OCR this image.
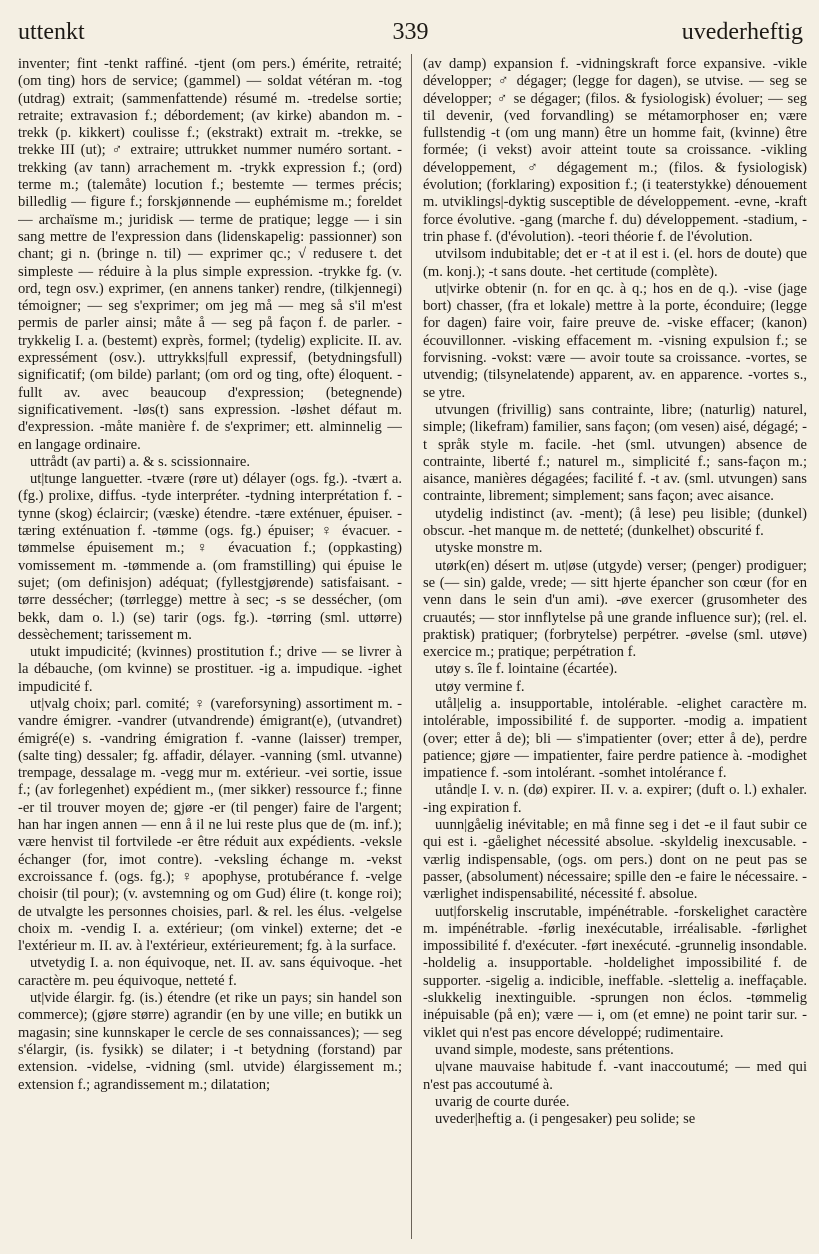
uttenkt	339	uvederheftig

inventer; fint -tenkt raffiné. -tjent (om pers.) émérite, retraité; (om ting) hors de service; (gammel) — soldat vétéran m. -tog (utdrag) extrait; (sammenfattende) résumé m. -tredelse sortie; retraite; extravasion f.; débordement; (av kirke) abandon m. -trekk (p. kikkert) coulisse f.; (ekstrakt) extrait m. -trekke, se trekke III (ut); ♂ extraire; uttrukket nummer numéro sortant. -trekking (av tann) arrachement m. -trykk expression f.; (ord) terme m.; (talemåte) locution f.; bestemte — termes précis; billedlig — figure f.; forskjønnende — euphémisme m.; foreldet — archaïsme m.; juridisk — terme de pratique; legge — i sin sang mettre de l'expression dans (lidenskapelig: passionner) son chant; gi n. (bringe n. til) — exprimer qc.; √ redusere t. det simpleste — réduire à la plus simple expression. -trykke fg. (v. ord, tegn osv.) exprimer, (en annens tanker) rendre, (tilkjennegi) témoigner; — seg s'exprimer; om jeg må — meg så s'il m'est permis de parler ainsi; måte å — seg på façon f. de parler. -trykkelig I. a. (bestemt) exprès, formel; (tydelig) explicite. II. av. expressément (osv.). uttrykks|full expressif, (betydningsfull) significatif; (om bilde) parlant; (om ord og ting, ofte) éloquent. -fullt av. avec beaucoup d'expression; (betegnende) significativement. -løs(t) sans expression. -løshet défaut m. d'expression. -måte manière f. de s'exprimer; ett. alminnelig — en langage ordinaire.

uttrådt (av parti) a. & s. scissionnaire.

ut|tunge languetter. -tvære (røre ut) délayer (ogs. fg.). -tvært a. (fg.) prolixe, diffus. -tyde interpréter. -tydning interprétation f. -tynne (skog) éclaircir; (væske) étendre. -tære exténuer, épuiser. -tæring exténuation f. -tømme (ogs. fg.) épuiser; ♀ évacuer. -tømmelse épuisement m.; ♀ évacuation f.; (oppkasting) vomissement m. -tømmende a. (om framstilling) qui épuise le sujet; (om definisjon) adéquat; (fyllestgjørende) satisfaisant. -tørre dessécher; (tørrlegge) mettre à sec; -s se dessécher, (om bekk, dam o. l.) (se) tarir (ogs. fg.). -tørring (sml. uttørre) dessèchement; tarissement m.

utukt impudicité; (kvinnes) prostitution f.; drive — se livrer à la débauche, (om kvinne) se prostituer. -ig a. impudique. -ighet impudicité f.

ut|valg choix; parl. comité; ♀ (vareforsyning) assortiment m. -vandre émigrer. -vandrer (utvandrende) émigrant(e), (utvandret) émigré(e) s. -vandring émigration f. -vanne (laisser) tremper, (salte ting) dessaler; fg. affadir, délayer. -vanning (sml. utvanne) trempage, dessalage m. -vegg mur m. extérieur. -vei sortie, issue f.; (av forlegenhet) expédient m., (mer sikker) ressource f.; finne -er til trouver moyen de; gjøre -er (til penger) faire de l'argent; han har ingen annen — enn å il ne lui reste plus que de (m. inf.); være henvist til fortvilede -er être réduit aux expédients. -veksle échanger (for, imot contre). -veksling échange m. -vekst excroissance f. (ogs. fg.); ♀ apophyse, protubérance f. -velge choisir (til pour); (v. avstemning og om Gud) élire (t. konge roi); de utvalgte les personnes choisies, parl. & rel. les élus. -velgelse choix m. -vendig I. a. extérieur; (om vinkel) externe; det -e l'extérieur m. II. av. à l'extérieur, extérieurement; fg. à la surface.

utvetydig I. a. non équivoque, net. II. av. sans équivoque. -het caractère m. peu équivoque, netteté f.

ut|vide élargir. fg. (is.) étendre (et rike un pays; sin handel son commerce); (gjøre større) agrandir (en by une ville; en butikk un magasin; sine kunnskaper le cercle de ses connaissances); — seg s'élargir, (is. fysikk) se dilater; i -t betydning (forstand) par extension. -videlse, -vidning (sml. utvide) élargissement m.; extension f.; agrandissement m.; dilatation;

(av damp) expansion f. -vidningskraft force expansive. -vikle développer; ♂ dégager; (legge for dagen), se utvise. — seg se développer; ♂ se dégager; (filos. & fysiologisk) évoluer; — seg til devenir, (ved forvandling) se métamorphoser en; være fullstendig -t (om ung mann) être un homme fait, (kvinne) être formée; (i vekst) avoir atteint toute sa croissance. -vikling développement, ♂ dégagement m.; (filos. & fysiologisk) évolution; (forklaring) exposition f.; (i teaterstykke) dénouement m. utviklings|-dyktig susceptible de développement. -evne, -kraft force évolutive. -gang (marche f. du) développement. -stadium, -trin phase f. (d'évolution). -teori théorie f. de l'évolution.

utvilsom indubitable; det er -t at il est i. (el. hors de doute) que (m. konj.); -t sans doute. -het certitude (complète).

ut|virke obtenir (n. for en qc. à q.; hos en de q.). -vise (jage bort) chasser, (fra et lokale) mettre à la porte, éconduire; (legge for dagen) faire voir, faire preuve de. -viske effacer; (kanon) écouvillonner. -visking effacement m. -visning expulsion f.; se forvisning. -vokst: være — avoir toute sa croissance. -vortes, se utvendig; (tilsynelatende) apparent, av. en apparence. -vortes s., se ytre.

utvungen (frivillig) sans contrainte, libre; (naturlig) naturel, simple; (likefram) familier, sans façon; (om vesen) aisé, dégagé; -t språk style m. facile. -het (sml. utvungen) absence de contrainte, liberté f.; naturel m., simplicité f.; sans-façon m.; aisance, manières dégagées; facilité f. -t av. (sml. utvungen) sans contrainte, librement; simplement; sans façon; avec aisance.

utydelig indistinct (av. -ment); (å lese) peu lisible; (dunkel) obscur. -het manque m. de netteté; (dunkelhet) obscurité f.

utyske monstre m.

utørk(en) désert m. ut|øse (utgyde) verser; (penger) prodiguer; se (— sin) galde, vrede; — sitt hjerte épancher son cœur (for en venn dans le sein d'un ami). -øve exercer (grusomheter des cruautés; — stor innflytelse på une grande influence sur); (rel. el. praktisk) pratiquer; (forbrytelse) perpétrer. -øvelse (sml. utøve) exercice m.; pratique; perpétration f.

utøy s. île f. lointaine (écartée).

utøy vermine f.

utål|elig a. insupportable, intolérable. -elighet caractère m. intolérable, impossibilité f. de supporter. -modig a. impatient (over; etter å de); bli — s'impatienter (over; etter å de), perdre patience; gjøre — impatienter, faire perdre patience à. -modighet impatience f. -som intolérant. -somhet intolérance f.

utånd|e I. v. n. (dø) expirer. II. v. a. expirer; (duft o. l.) exhaler. -ing expiration f.

uunn|gåelig inévitable; en må finne seg i det -e il faut subir ce qui est i. -gåelighet nécessité absolue. -skyldelig inexcusable. -værlig indispensable, (ogs. om pers.) dont on ne peut pas se passer, (absolument) nécessaire; spille den -e faire le nécessaire. -værlighet indispensabilité, nécessité f. absolue.

uut|forskelig inscrutable, impénétrable. -forskelighet caractère m. impénétrable. -førlig inexécutable, irréalisable. -førlighet impossibilité f. d'exécuter. -ført inexécuté. -grunnelig insondable. -holdelig a. insupportable. -holdelighet impossibilité f. de supporter. -sigelig a. indicible, ineffable. -slettelig a. ineffaçable. -slukkelig inextinguible. -sprungen non éclos. -tømmelig inépuisable (på en); være — i, om (et emne) ne point tarir sur. -viklet qui n'est pas encore développé; rudimentaire.

uvand simple, modeste, sans prétentions.

u|vane mauvaise habitude f. -vant inaccoutumé; — med qui n'est pas accoutumé à.

uvarig de courte durée.

uveder|heftig a. (i pengesaker) peu solide; se
